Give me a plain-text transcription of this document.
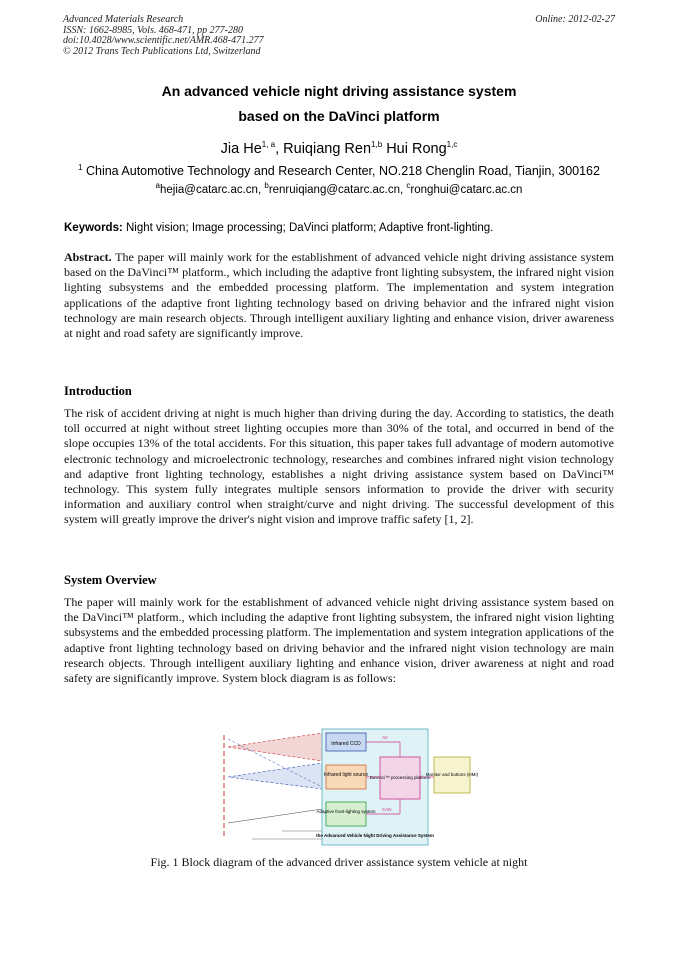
Advanced Materials Research
ISSN: 1662-8985, Vols. 468-471, pp 277-280
doi:10.4028/www.scientific.net/AMR.468-471.277
© 2012 Trans Tech Publications Ltd, Switzerland
Online: 2012-02-27
An advanced vehicle night driving assistance system
based on the DaVinci platform
Jia He$^{1, a}$, Ruiqiang Ren$^{1,b}$ Hui Rong$^{1,c}$
$^1$ China Automotive Technology and Research Center, NO.218 Chenglin Road, Tianjin, 300162
$^a$hejia@catarc.ac.cn, $^b$renruiqiang@catarc.ac.cn, $^c$ronghui@catarc.ac.cn
Keywords: Night vision; Image processing; DaVinci platform; Adaptive front-lighting.
Abstract. The paper will mainly work for the establishment of advanced vehicle night driving assistance system based on the DaVinci™ platform., which including the adaptive front lighting subsystem, the infrared night vision lighting subsystems and the embedded processing platform. The implementation and system integration applications of the adaptive front lighting technology based on driving behavior and the infrared night vision technology are main research objects. Through intelligent auxiliary lighting and enhance vision, driver awareness at night and road safety are significantly improve.
Introduction
The risk of accident driving at night is much higher than driving during the day. According to statistics, the death toll occurred at night without street lighting occupies more than 30% of the total, and occurred in bend of the slope occupies 13% of the total accidents. For this situation, this paper takes full advantage of modern automotive electronic technology and microelectronic technology, researches and combines infrared night vision technology and adaptive front lighting technology, establishes a night driving assistance system based on DaVinci™ technology. This system fully integrates multiple sensors information to provide the driver with security information and auxiliary control when straight/curve and night driving. The successful development of this system will greatly improve the driver's night vision and improve traffic safety [1, 2].
System Overview
The paper will mainly work for the establishment of advanced vehicle night driving assistance system based on the DaVinci™ platform., which including the adaptive front lighting subsystem, the infrared night vision lighting subsystems and the embedded processing platform. The implementation and system integration applications of the adaptive front lighting technology based on driving behavior and the infrared night vision technology are main research objects. Through intelligent auxiliary lighting and enhance vision, driver awareness at night and road safety are significantly improve. System block diagram is as follows:
Infrared CCD
Infrared light source
Adaptive front-lighting system
DaVinci™ processing platform
Monitor and buttons (HMI)
AV
CAN
the Advanced Vehicle Night Driving Assistance System
Fig. 1 Block diagram of the advanced driver assistance system vehicle at night
